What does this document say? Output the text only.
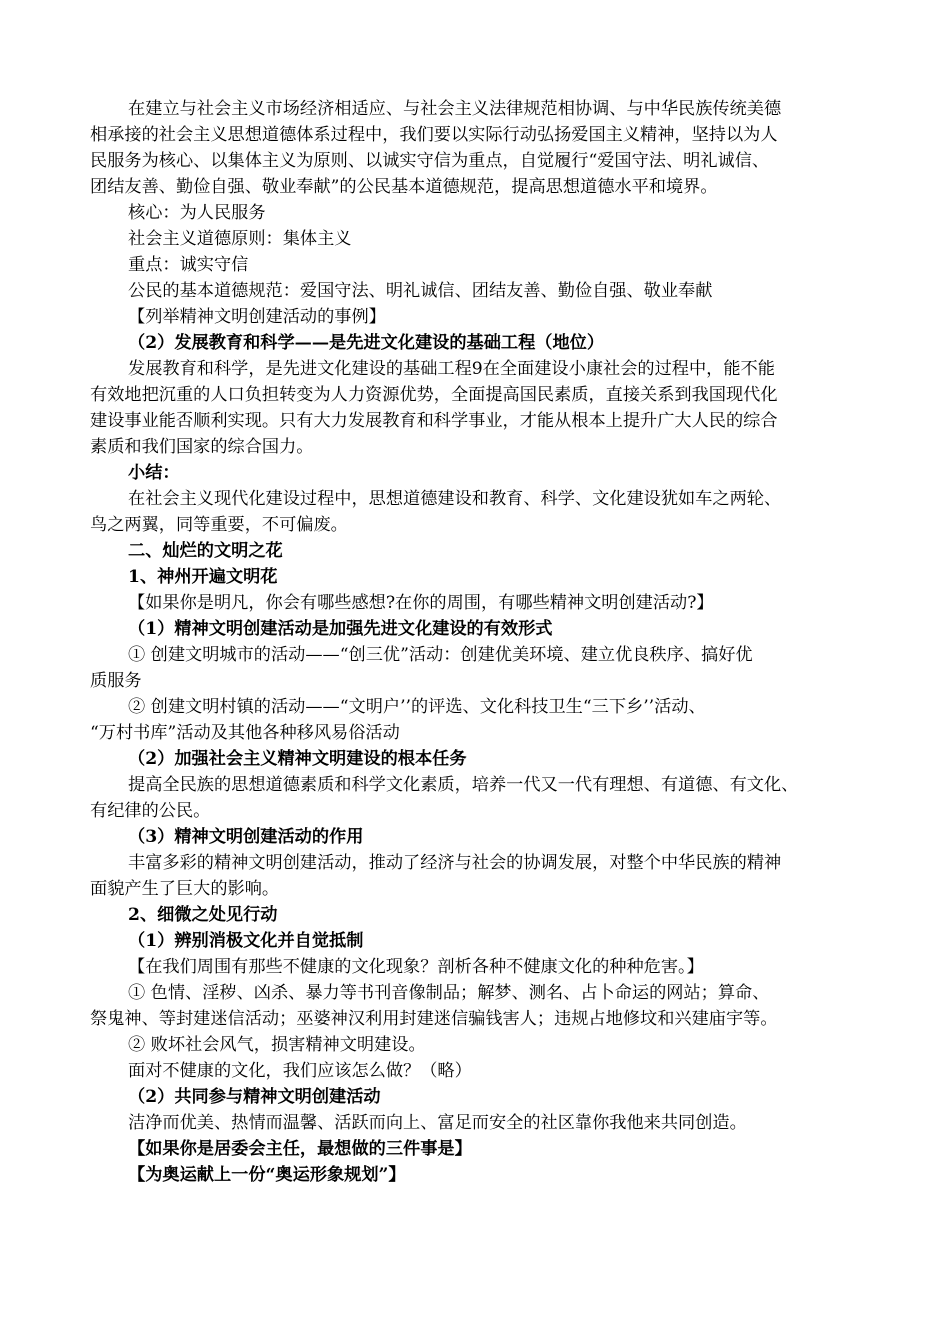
在建立与社会主义市场经济相适应、与社会主义法律规范相协调、与中华民族传统美德
相承接的社会主义思想道德体系过程中，我们要以实际行动弘扬爱国主义精神，坚持以为人
民服务为核心、以集体主义为原则、以诚实守信为重点，自觉履行“爱国守法、明礼诚信、
团结友善、勤俭自强、敬业奉献”的公民基本道德规范，提高思想道德水平和境界。
核心：为人民服务
社会主义道德原则：集体主义
重点：诚实守信
公民的基本道德规范：爱国守法、明礼诚信、团结友善、勤俭自强、敬业奉献
【列举精神文明创建活动的事例】
（2）发展教育和科学——是先进文化建设的基础工程（地位）
发展教育和科学，是先进文化建设的基础工程9在全面建设小康社会的过程中，能不能
有效地把沉重的人口负担转变为人力资源优势，全面提高国民素质，直接关系到我国现代化
建设事业能否顺利实现。只有大力发展教育和科学事业，才能从根本上提升广大人民的综合
素质和我们国家的综合国力。
小结：
在社会主义现代化建设过程中，思想道德建设和教育、科学、文化建设犹如车之两轮、
鸟之两翼，同等重要，不可偏废。
二、灿烂的文明之花
1、神州开遍文明花
【如果你是明凡，你会有哪些感想?在你的周围，有哪些精神文明创建活动?】
（1）精神文明创建活动是加强先进文化建设的有效形式
① 创建文明城市的活动——“创三优”活动：创建优美环境、建立优良秩序、搞好优
质服务
② 创建文明村镇的活动——“文明户’’的评选、文化科技卫生“三下乡’’活动、
“万村书库”活动及其他各种移风易俗活动
（2）加强社会主义精神文明建设的根本任务
提高全民族的思想道德素质和科学文化素质，培养一代又一代有理想、有道德、有文化、
有纪律的公民。
（3）精神文明创建活动的作用
丰富多彩的精神文明创建活动，推动了经济与社会的协调发展，对整个中华民族的精神
面貌产生了巨大的影响。
2、细微之处见行动
（1）辨别消极文化并自觉抵制
【在我们周围有那些不健康的文化现象？剖析各种不健康文化的种种危害。】
① 色情、淫秽、凶杀、暴力等书刊音像制品；解梦、测名、占卜命运的网站；算命、
祭鬼神、等封建迷信活动；巫婆神汉利用封建迷信骗钱害人；违规占地修坟和兴建庙宇等。
② 败坏社会风气，损害精神文明建设。
面对不健康的文化，我们应该怎么做？（略）
（2）共同参与精神文明创建活动
洁净而优美、热情而温馨、活跃而向上、富足而安全的社区靠你我他来共同创造。
【如果你是居委会主任，最想做的三件事是】
【为奥运献上一份“奥运形象规划”】
